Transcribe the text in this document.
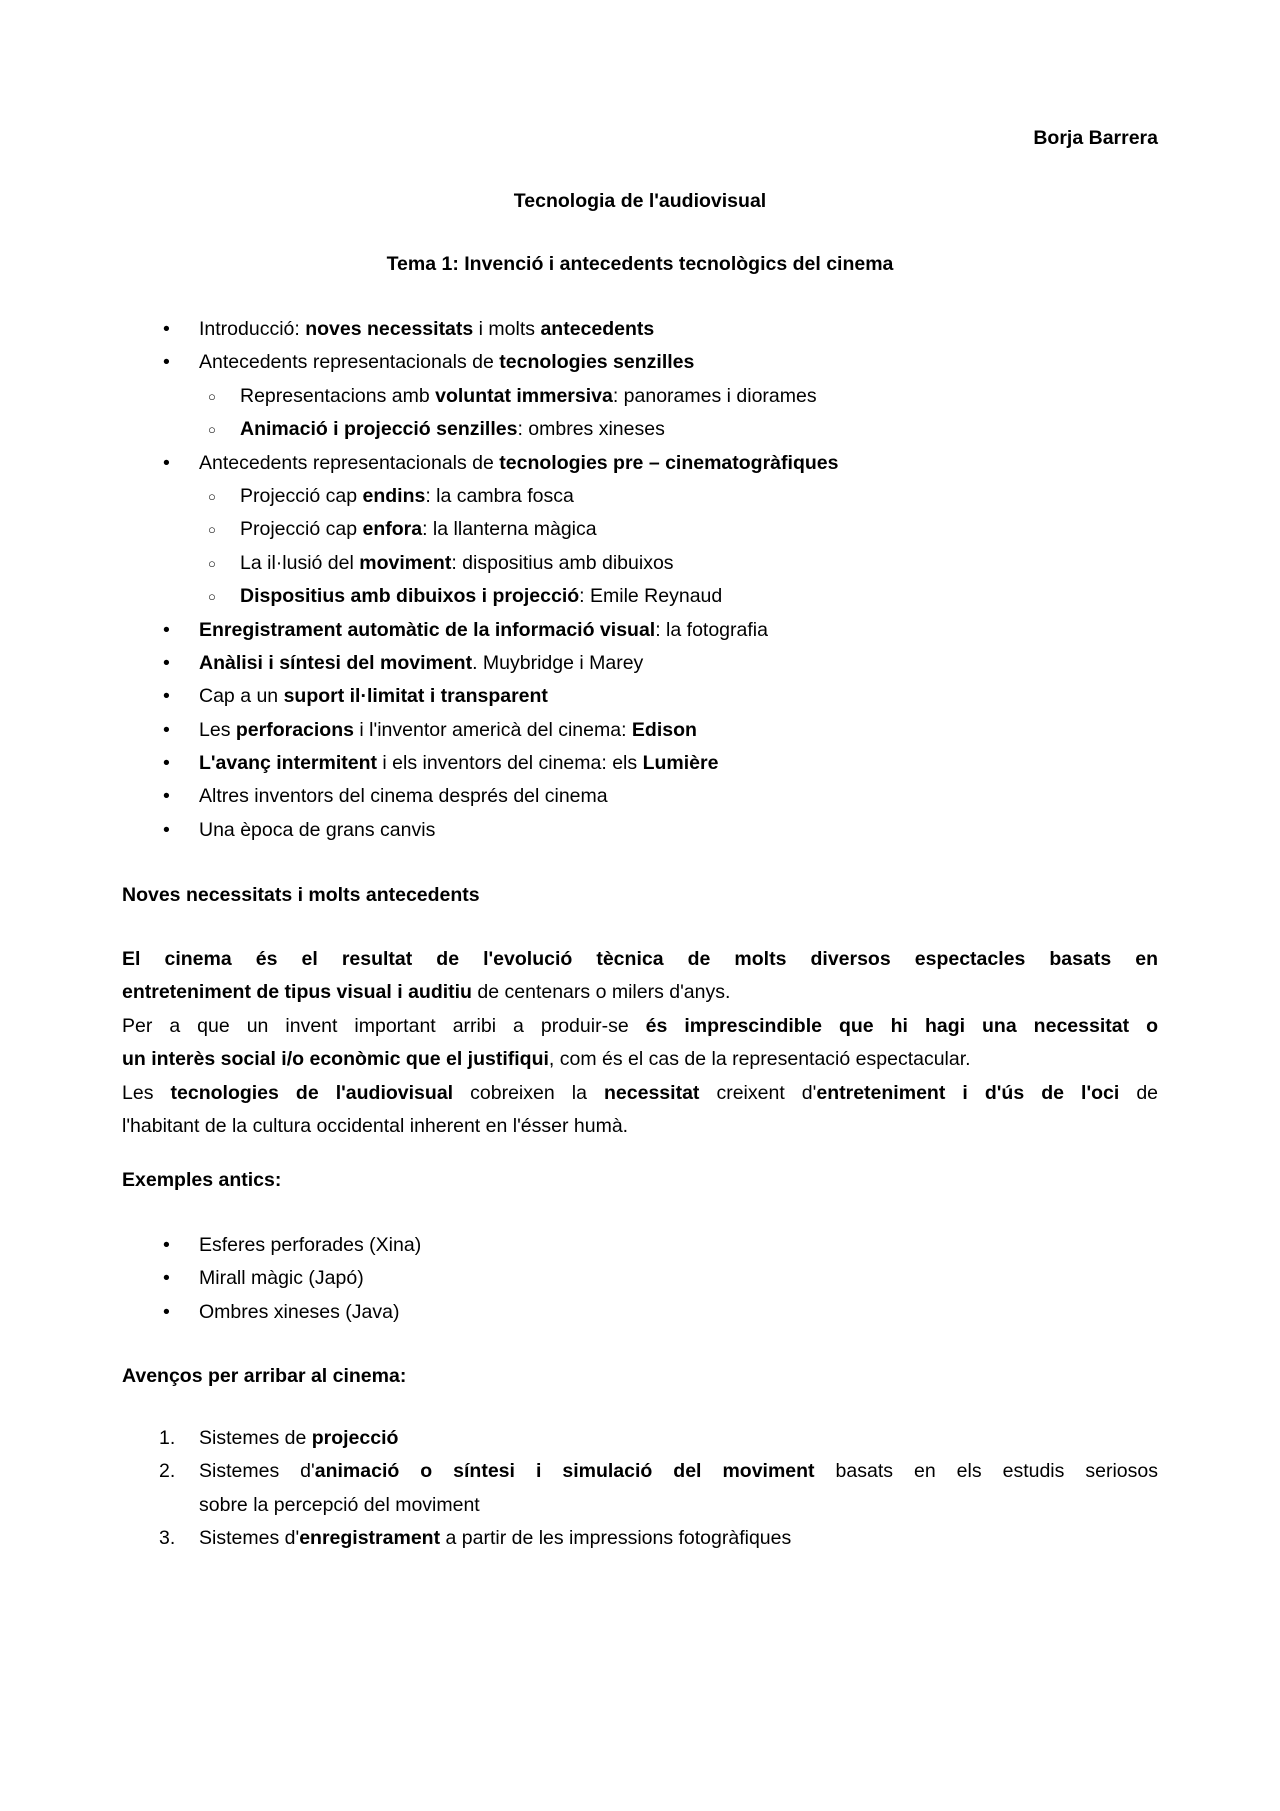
Borja Barrera
Tecnologia de l'audiovisual
Tema 1: Invenció i antecedents tecnològics del cinema
• Introducció: noves necessitats i molts antecedents
• Antecedents representacionals de tecnologies senzilles
○ Representacions amb voluntat immersiva: panorames i diorames
○ Animació i projecció senzilles: ombres xineses
• Antecedents representacionals de tecnologies pre – cinematogràfiques
○ Projecció cap endins: la cambra fosca
○ Projecció cap enfora: la llanterna màgica
○ La il·lusió del moviment: dispositius amb dibuixos
○ Dispositius amb dibuixos i projecció: Emile Reynaud
• Enregistrament automàtic de la informació visual: la fotografia
• Anàlisi i síntesi del moviment. Muybridge i Marey
• Cap a un suport il·limitat i transparent
• Les perforacions i l'inventor americà del cinema: Edison
• L'avanç intermitent i els inventors del cinema: els Lumière
• Altres inventors del cinema després del cinema
• Una època de grans canvis
Noves necessitats i molts antecedents
El cinema és el resultat de l'evolució tècnica de molts diversos espectacles basats en
entreteniment de tipus visual i auditiu de centenars o milers d'anys.
Per a que un invent important arribi a produir-se és imprescindible que hi hagi una necessitat o
un interès social i/o econòmic que el justifiqui, com és el cas de la representació espectacular.
Les tecnologies de l'audiovisual cobreixen la necessitat creixent d'entreteniment i d'ús de l'oci de
l'habitant de la cultura occidental inherent en l'ésser humà.
Exemples antics:
• Esferes perforades (Xina)
• Mirall màgic (Japó)
• Ombres xineses (Java)
Avenços per arribar al cinema:
1. Sistemes de projecció
2. Sistemes d'animació o síntesi i simulació del moviment basats en els estudis seriosos
sobre la percepció del moviment
3. Sistemes d'enregistrament a partir de les impressions fotogràfiques
